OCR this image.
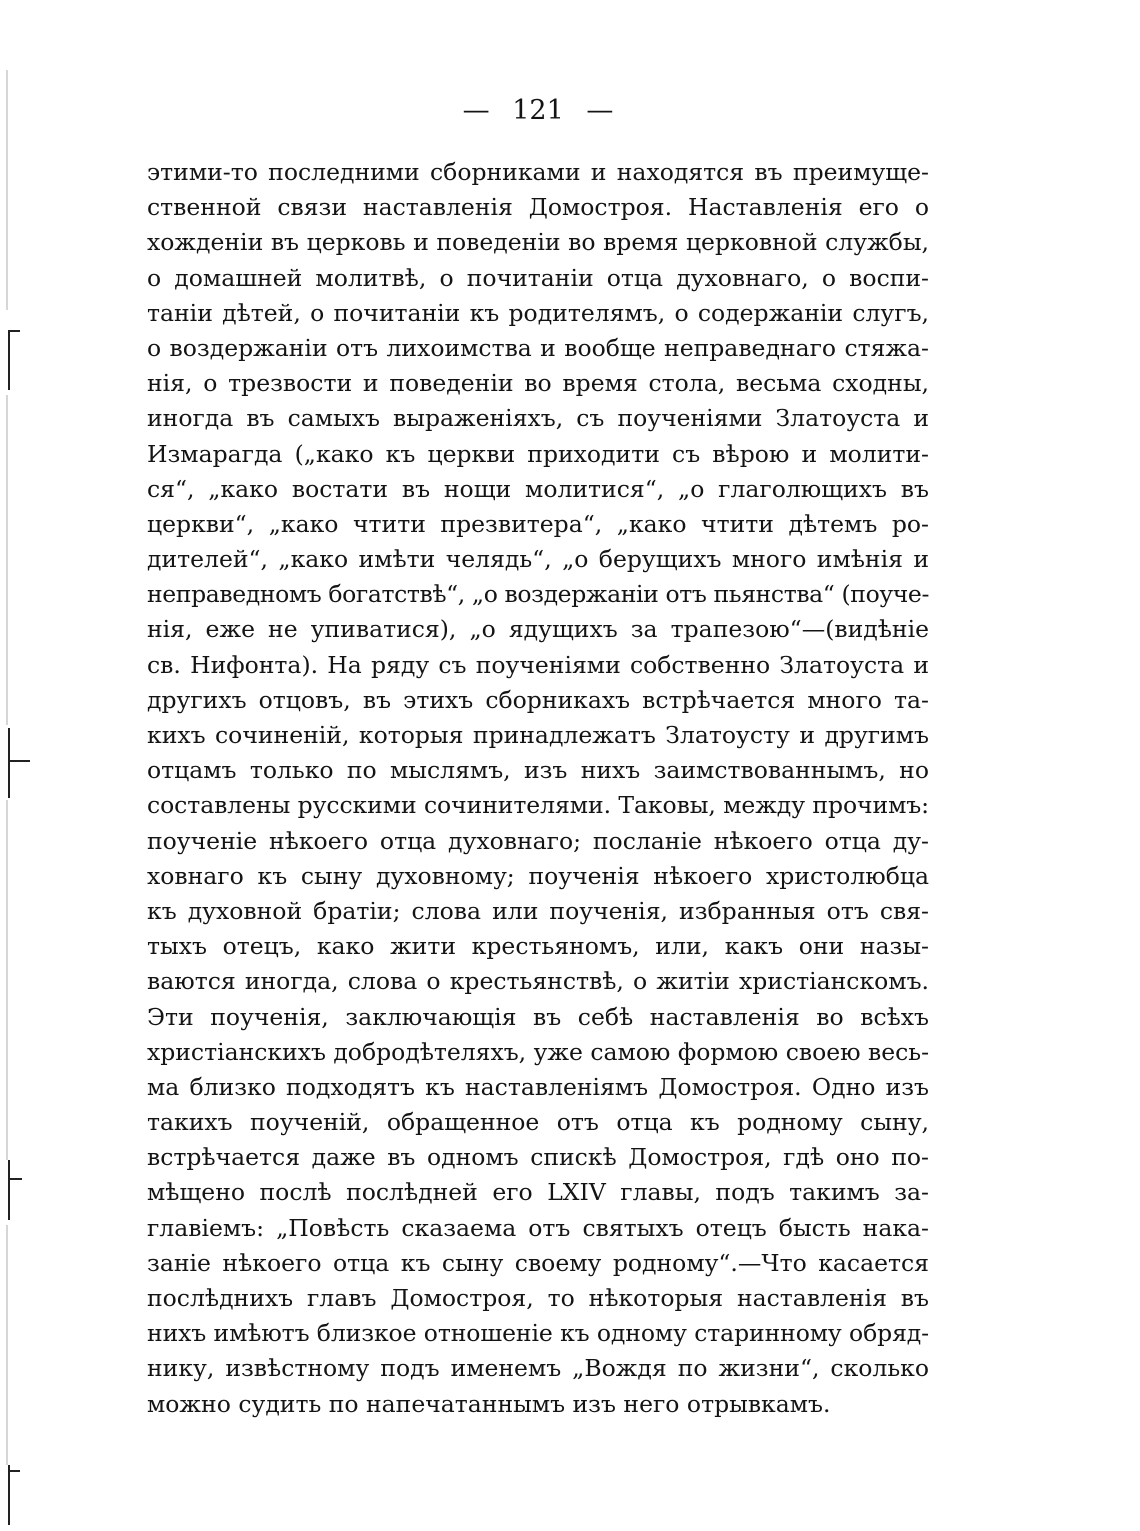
— 121 —
этими-то последними сборниками и находятся въ преимуще-
ственной связи наставленія Домостроя. Наставленія его о
хожденіи въ церковь и поведеніи во время церковной службы,
о домашней молитвѣ, о почитаніи отца духовнаго, о воспи-
таніи дѣтей, о почитаніи къ родителямъ, о содержаніи слугъ,
о воздержаніи отъ лихоимства и вообще неправеднаго стяжа-
нія, о трезвости и поведеніи во время стола, весьма сходны,
иногда въ самыхъ выраженіяхъ, съ поученіями Златоуста и
Измарагда („како къ церкви приходити съ вѣрою и молити-
ся“, „како востати въ нощи молитися“, „о глаголющихъ въ
церкви“, „како чтити презвитера“, „како чтити дѣтемъ ро-
дителей“, „како имѣти челядь“, „о берущихъ много имѣнія и
неправедномъ богатствѣ“, „о воздержаніи отъ пьянства“ (поуче-
нія, еже не упиватися), „о ядущихъ за трапезою“—(видѣніе
св. Нифонта). На ряду съ поученіями собственно Златоуста и
другихъ отцовъ, въ этихъ сборникахъ встрѣчается много та-
кихъ сочиненій, которыя принадлежатъ Златоусту и другимъ
отцамъ только по мыслямъ, изъ нихъ заимствованнымъ, но
составлены русскими сочинителями. Таковы, между прочимъ:
поученіе нѣкоего отца духовнаго; посланіе нѣкоего отца ду-
ховнаго къ сыну духовному; поученія нѣкоего христолюбца
къ духовной братіи; слова или поученія, избранныя отъ свя-
тыхъ отецъ, како жити крестьяномъ, или, какъ они назы-
ваются иногда, слова о крестьянствѣ, о житіи христіанскомъ.
Эти поученія, заключающія въ себѣ наставленія во всѣхъ
христіанскихъ добродѣтеляхъ, уже самою формою своею весь-
ма близко подходятъ къ наставленіямъ Домостроя. Одно изъ
такихъ поученій, обращенное отъ отца къ родному сыну,
встрѣчается даже въ одномъ спискѣ Домостроя, гдѣ оно по-
мѣщено послѣ послѣдней его LXIV главы, подъ такимъ за-
главіемъ: „Повѣсть сказаема отъ святыхъ отецъ бысть нака-
заніе нѣкоего отца къ сыну своему родному“.—Что касается
послѣднихъ главъ Домостроя, то нѣкоторыя наставленія въ
нихъ имѣютъ близкое отношеніе къ одному старинному обряд-
нику, извѣстному подъ именемъ „Вождя по жизни“, сколько
можно судить по напечатаннымъ изъ него отрывкамъ.
